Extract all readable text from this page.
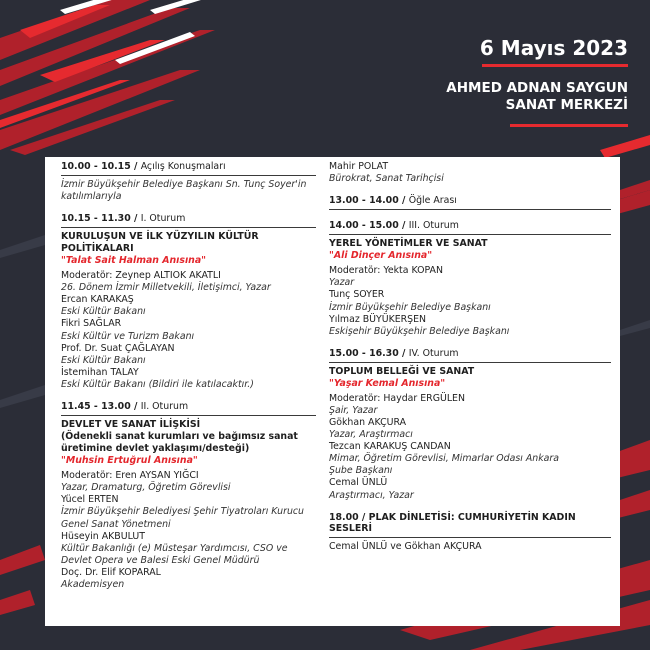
6 Mayıs 2023
AHMED ADNAN SAYGUN
SANAT MERKEZİ
10.00 - 10.15 / Açılış Konuşmaları
İzmir Büyükşehir Belediye Başkanı Sn. Tunç Soyer'in
katılımlarıyla
10.15 - 11.30 / I. Oturum
KURULUŞUN VE İLK YÜZYILIN KÜLTÜR
POLİTİKALARI
"Talat Sait Halman Anısına"
Moderatör: Zeynep ALTIOK AKATLI
26. Dönem İzmir Milletvekili, İletişimci, Yazar
Ercan KARAKAŞ
Eski Kültür Bakanı
Fikri SAĞLAR
Eski Kültür ve Turizm Bakanı
Prof. Dr. Suat ÇAĞLAYAN
Eski Kültür Bakanı
İstemihan TALAY
Eski Kültür Bakanı (Bildiri ile katılacaktır.)
11.45 - 13.00 / II. Oturum
DEVLET VE SANAT İLİŞKİSİ
(Ödenekli sanat kurumları ve bağımsız sanat
üretimine devlet yaklaşımı/desteği)
"Muhsin Ertuğrul Anısına"
Moderatör: Eren AYSAN YIĞCI
Yazar, Dramaturg, Öğretim Görevlisi
Yücel ERTEN
İzmir Büyükşehir Belediyesi Şehir Tiyatroları Kurucu
Genel Sanat Yönetmeni
Hüseyin AKBULUT
Kültür Bakanlığı (e) Müsteşar Yardımcısı, CSO ve
Devlet Opera ve Balesi Eski Genel Müdürü
Doç. Dr. Elif KOPARAL
Akademisyen
Mahir POLAT
Bürokrat, Sanat Tarihçisi
13.00 - 14.00 / Öğle Arası
14.00 - 15.00 / III. Oturum
YEREL YÖNETİMLER VE SANAT
"Ali Dinçer Anısına"
Moderatör: Yekta KOPAN
Yazar
Tunç SOYER
İzmir Büyükşehir Belediye Başkanı
Yılmaz BÜYÜKERŞEN
Eskişehir Büyükşehir Belediye Başkanı
15.00 - 16.30 / IV. Oturum
TOPLUM BELLEĞİ VE SANAT
"Yaşar Kemal Anısına"
Moderatör: Haydar ERGÜLEN
Şair, Yazar
Gökhan AKÇURA
Yazar, Araştırmacı
Tezcan KARAKUŞ CANDAN
Mimar, Öğretim Görevlisi, Mimarlar Odası Ankara
Şube Başkanı
Cemal ÜNLÜ
Araştırmacı, Yazar
18.00 / PLAK DİNLETİSİ: CUMHURİYETİN KADIN
SESLERİ
Cemal ÜNLÜ ve Gökhan AKÇURA
